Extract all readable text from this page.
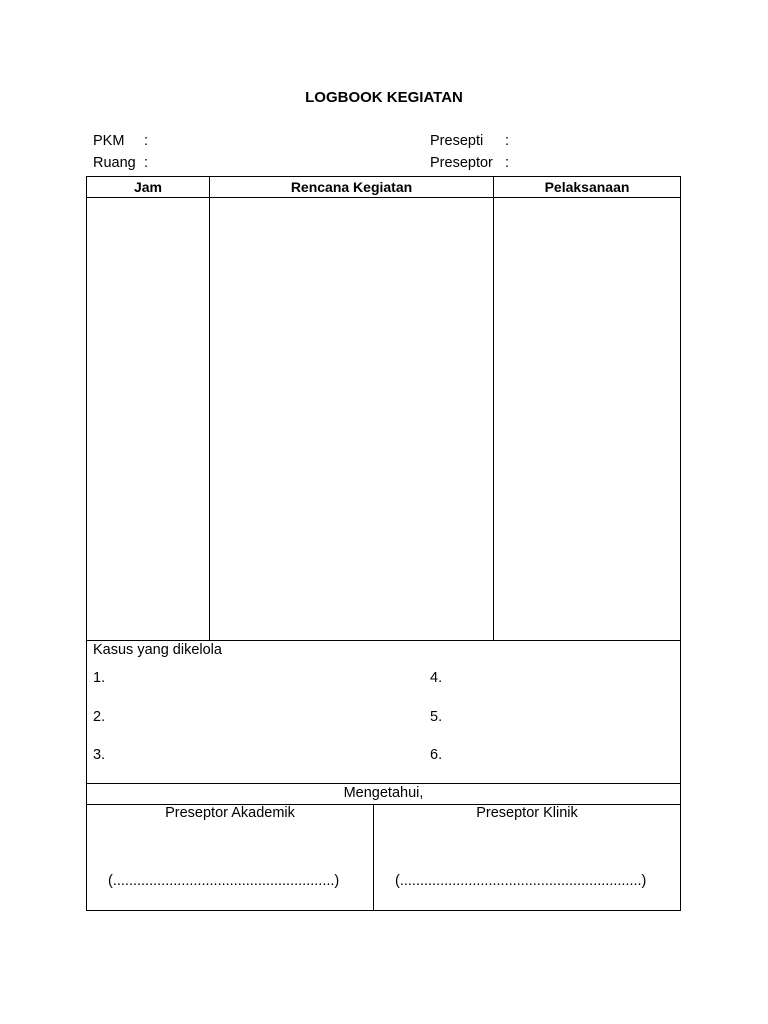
LOGBOOK KEGIATAN
PKM :
Ruang :
Presepti :
Preseptor :
Jam	Rencana Kegiatan	Pelaksanaan
Kasus yang dikelola
1.
2.
3.
4.
5.
6.
Mengetahui,
Preseptor Akademik	Preseptor Klinik
(.......................................................)	(............................................................)
